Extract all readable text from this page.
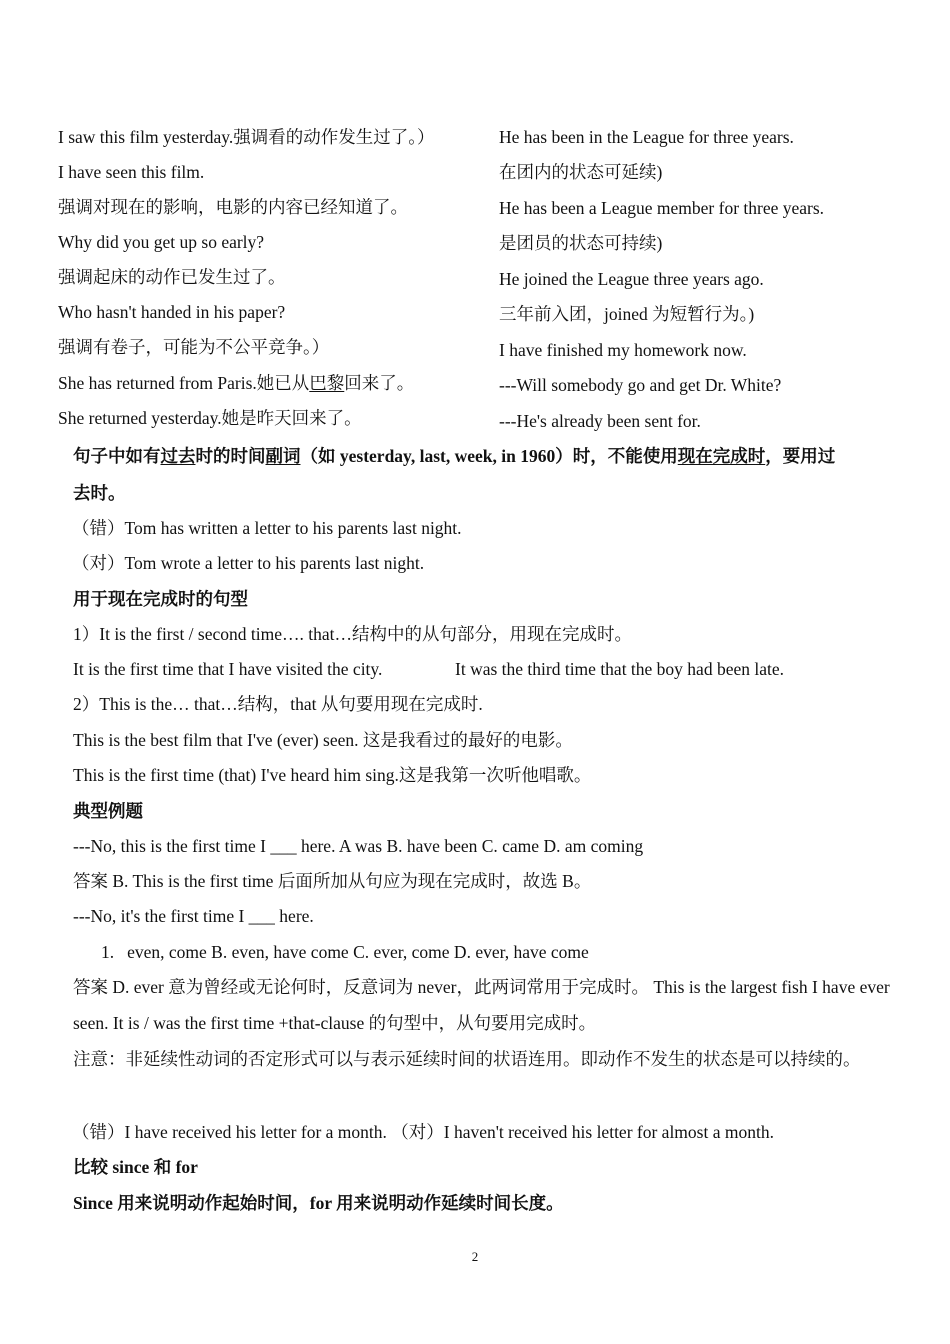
I saw this film yesterday.强调看的动作发生过了。）
I have seen this film.
强调对现在的影响，电影的内容已经知道了。
Why did you get up so early?
强调起床的动作已发生过了。
Who hasn't handed in his paper?
强调有卷子，可能为不公平竞争。）
She has returned from Paris.她已从巴黎回来了。
She returned yesterday.她是昨天回来了。
He has been in the League for three years.
在团内的状态可延续)
He has been a League member for three years.
是团员的状态可持续)
He joined the League three years ago.
三年前入团，joined 为短暂行为。)
I have finished my homework now.
---Will somebody go and get Dr. White?
---He's already been sent for.
句子中如有过去时的时间副词（如 yesterday, last, week, in 1960）时，不能使用现在完成时，要用过
去时。
（错）Tom has written a letter to his parents last night.
（对）Tom wrote a letter to his parents last night.
用于现在完成时的句型
1）It is the first / second time…. that…结构中的从句部分，用现在完成时。
It is the first time that I have visited the city.	It was the third time that the boy had been late.
2）This is the… that…结构，that 从句要用现在完成时.
This is the best film that I've (ever) seen. 这是我看过的最好的电影。
This is the first time (that) I've heard him sing.这是我第一次听他唱歌。
典型例题
---No, this is the first time I ___ here. A was B. have been C. came D. am coming
答案 B. This is the first time 后面所加从句应为现在完成时，故选 B。
---No, it's the first time I ___ here.
1. even, come B. even, have come C. ever, come D. ever, have come
答案 D. ever 意为曾经或无论何时，反意词为 never，此两词常用于完成时。 This is the largest fish I have ever seen. It is / was the first time +that-clause 的句型中，从句要用完成时。
注意：非延续性动词的否定形式可以与表示延续时间的状语连用。即动作不发生的状态是可以持续的。
（错）I have received his letter for a month. （对）I haven't received his letter for almost a month.
比较 since 和 for
Since 用来说明动作起始时间，for 用来说明动作延续时间长度。
2
